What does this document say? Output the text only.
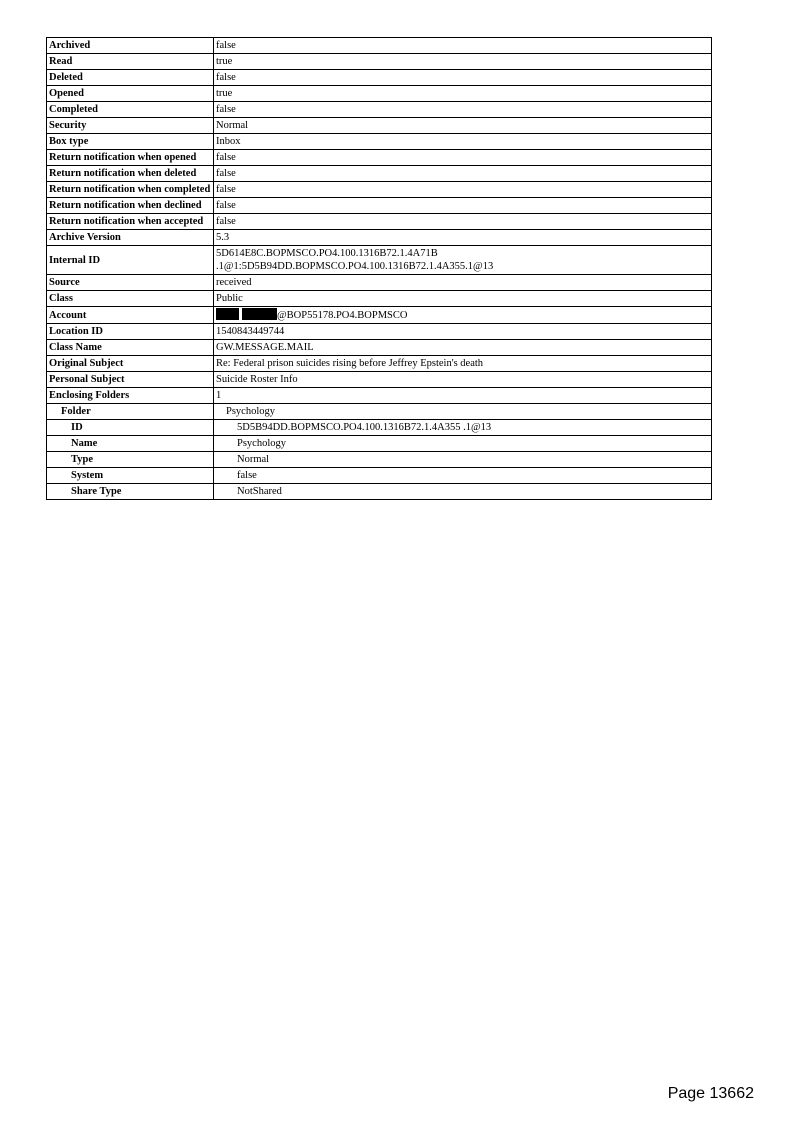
Archived	false
Read	true
Deleted	false
Opened	true
Completed	false
Security	Normal
Box type	Inbox
Return notification when opened	false
Return notification when deleted	false
Return notification when completed	false
Return notification when declined	false
Return notification when accepted	false
Archive Version	5.3
Internal ID	5D614E8C.BOPMSCO.PO4.100.1316B72.1.4A71B .1@1:5D5B94DD.BOPMSCO.PO4.100.1316B72.1.4A355.1@13
Source	received
Class	Public
Account	@BOP55178.PO4.BOPMSCO
Location ID	1540843449744
Class Name	GW.MESSAGE.MAIL
Original Subject	Re: Federal prison suicides rising before Jeffrey Epstein's death
Personal Subject	Suicide Roster Info
Enclosing Folders	1
Folder	Psychology
ID	5D5B94DD.BOPMSCO.PO4.100.1316B72.1.4A355 .1@13
Name	Psychology
Type	Normal
System	false
Share Type	NotShared
Page 13662
